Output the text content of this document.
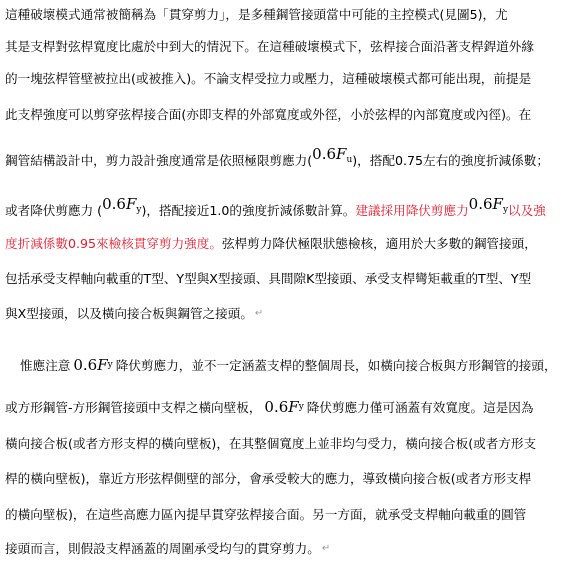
這種破壞模式通常被簡稱為「貫穿剪力」，是多種鋼管接頭當中可能的主控模式(見圖5)，尤
其是支桿對弦桿寬度比處於中到大的情況下。在這種破壞模式下，弦桿接合面沿著支桿銲道外緣
的一塊弦桿管壁被拉出(或被推入)。不論支桿受拉力或壓力，這種破壞模式都可能出現，前提是
此支桿強度可以剪穿弦桿接合面(亦即支桿的外部寬度或外徑，小於弦桿的內部寬度或內徑)。在
鋼管結構設計中，剪力設計強度通常是依照極限剪應力( 0.6 $F_u$ )，搭配0.75左右的強度折減係數；
或者降伏剪應力 ( 0.6 $F_y$ )，搭配接近1.0的強度折減係數計算。 建議採用降伏剪應力 0.6 $F_y$ 以及強
度折減係數0.95來檢核貫穿剪力強度。 弦桿剪力降伏極限狀態檢核，適用於大多數的鋼管接頭，
包括承受支桿軸向載重的T型、Y型與X型接頭、具間隙K型接頭、承受支桿彎矩載重的T型、Y型
與X型接頭，以及橫向接合板與鋼管之接頭。 ↵
惟應注意 0.6 $F_y$ 降伏剪應力，並不一定涵蓋支桿的整個周長，如橫向接合板與方形鋼管的接頭，
或方形鋼管-方形鋼管接頭中支桿之橫向壁板， 0.6 $F_y$ 降伏剪應力僅可涵蓋有效寬度。這是因為
橫向接合板(或者方形支桿的橫向壁板)，在其整個寬度上並非均勻受力，橫向接合板(或者方形支
桿的橫向壁板)，靠近方形弦桿側壁的部分，會承受較大的應力，導致橫向接合板(或者方形支桿
的橫向壁板)，在這些高應力區內提早貫穿弦桿接合面。另一方面，就承受支桿軸向載重的圓管
接頭而言，則假設支桿涵蓋的周圍承受均勻的貫穿剪力。 ↵
